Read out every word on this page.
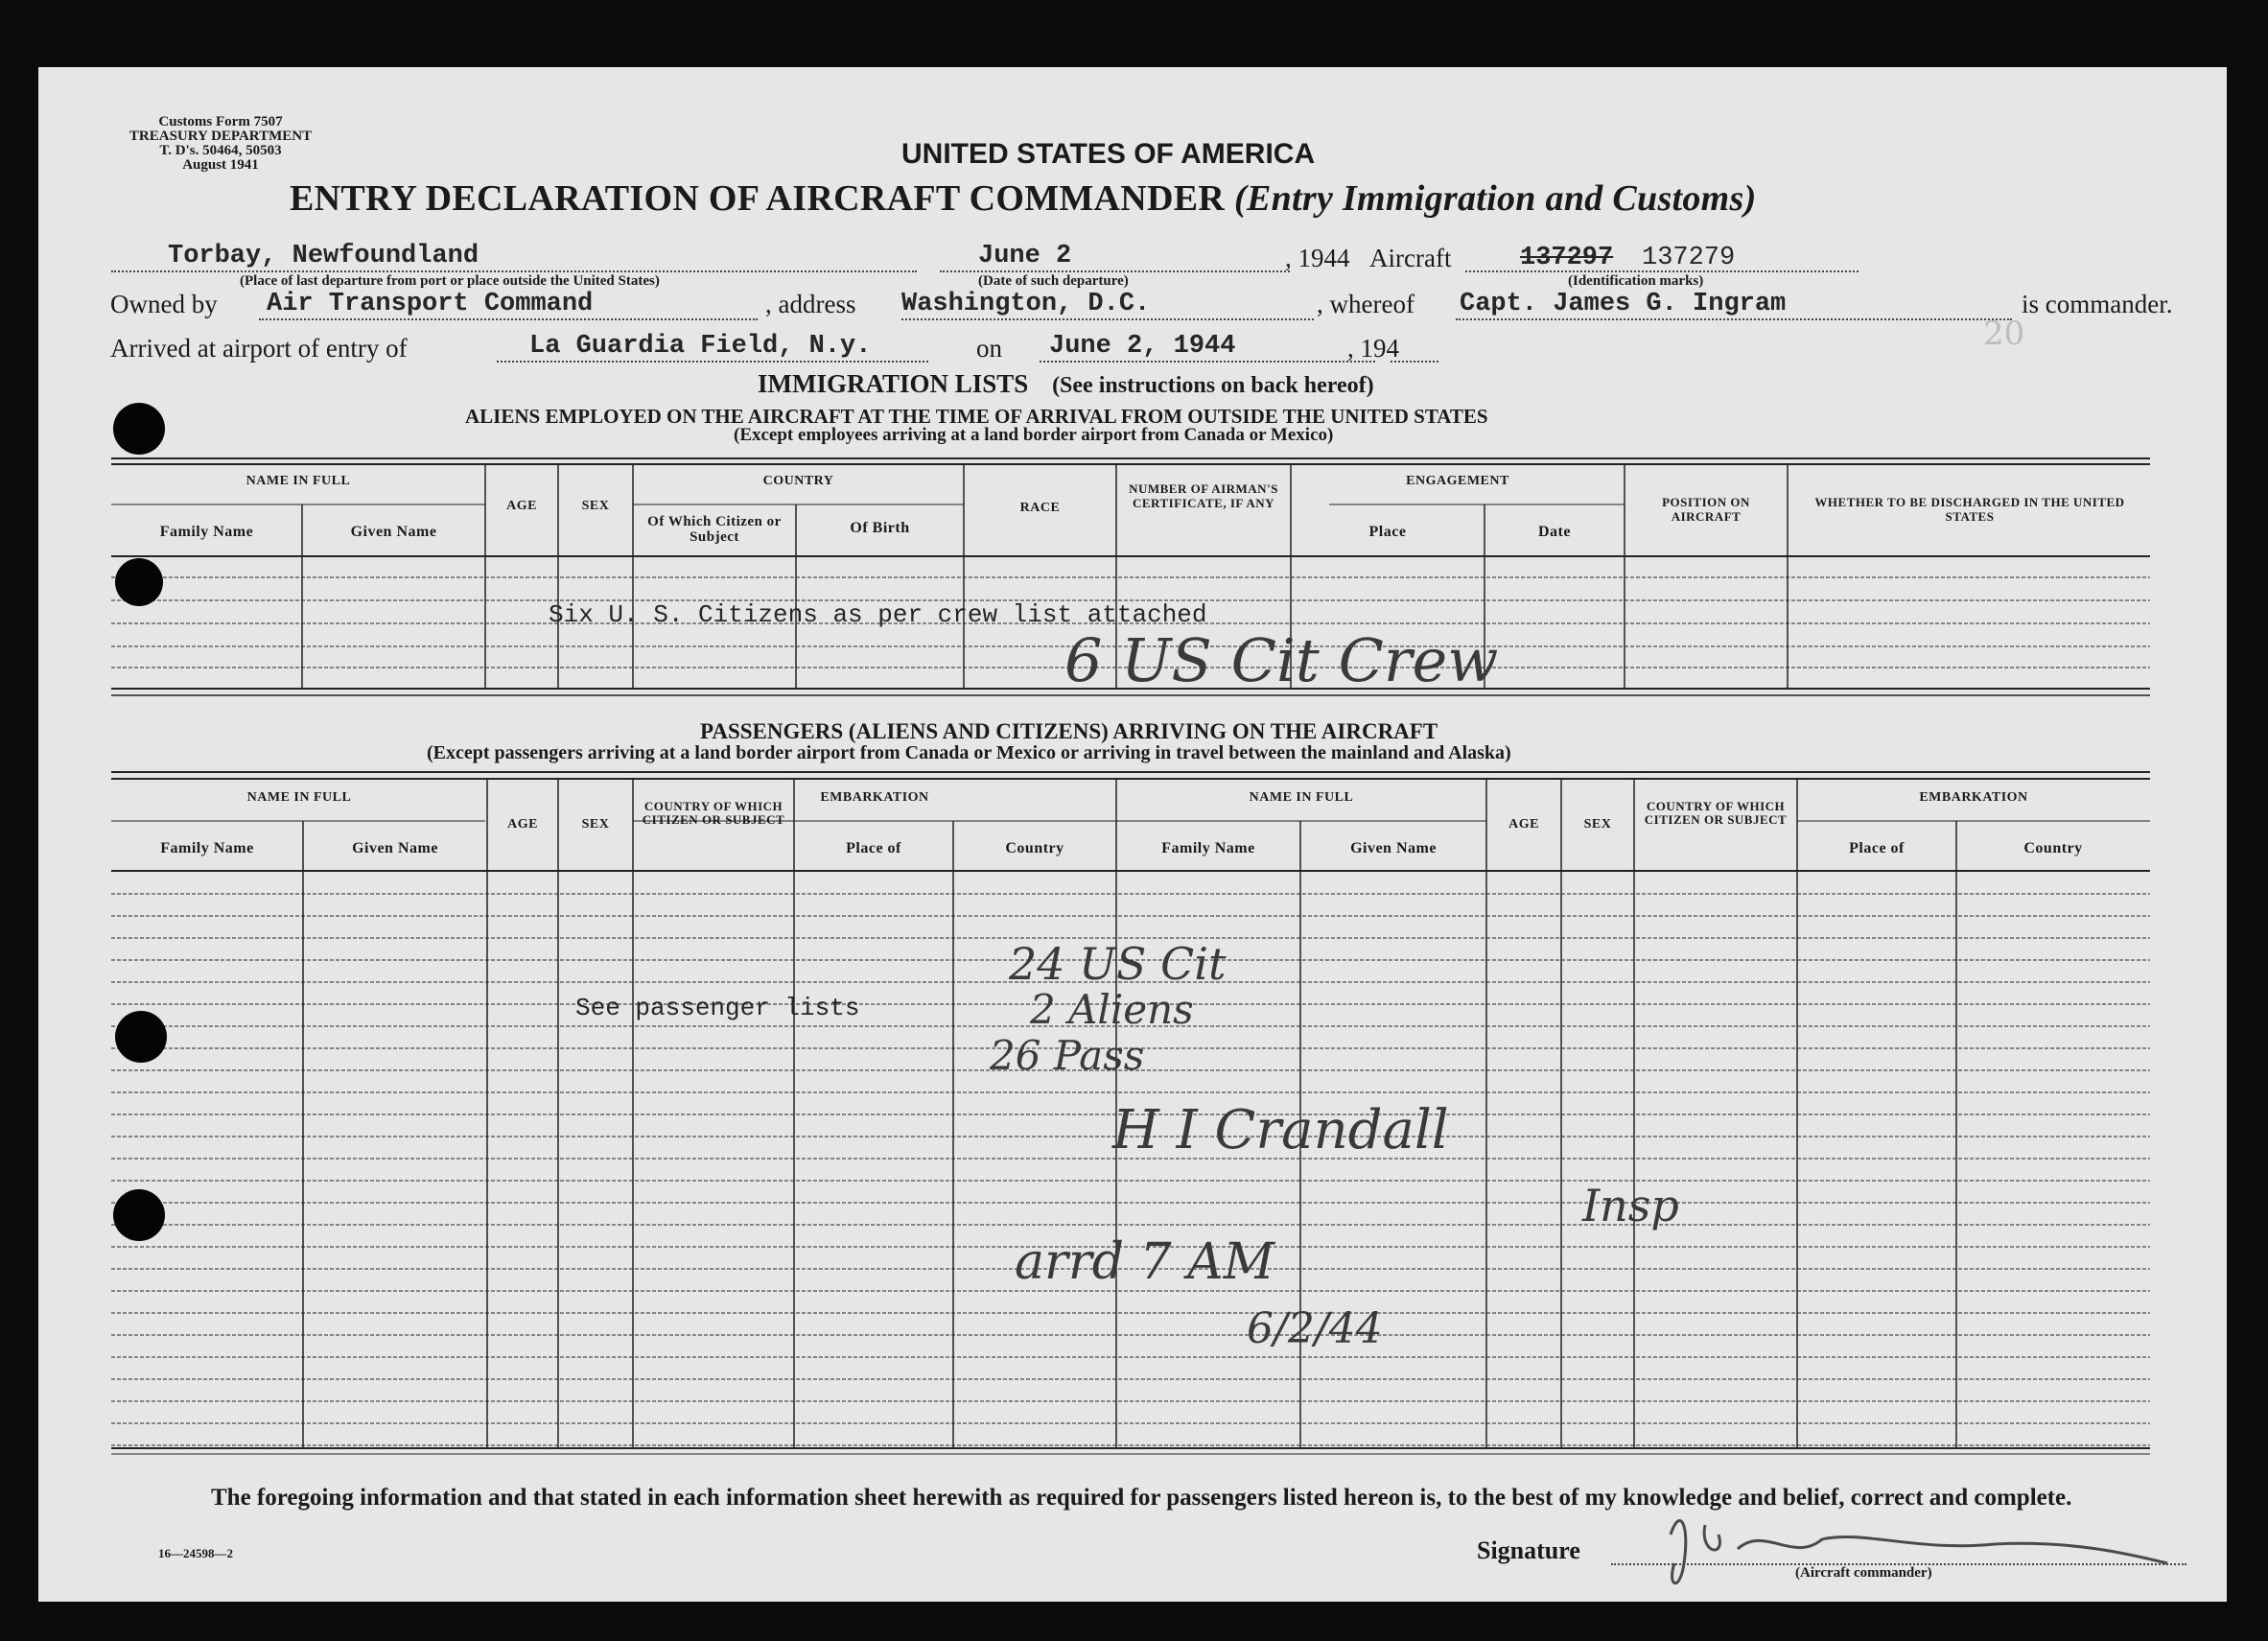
Customs Form 7507
TREASURY DEPARTMENT
T. D's. 50464, 50503
August 1941	UNITED STATES OF AMERICA
ENTRY DECLARATION OF AIRCRAFT COMMANDER (Entry Immigration and Customs)
Torbay, Newfoundland
(Place of last departure from port or place outside the United States)
June 2
(Date of such departure)
, 1944 Aircraft	137297 137279
(Identification marks)
Owned by Air Transport Command	, address Washington, D.C.	, whereof Capt. James G. Ingram	is commander.
Arrived at airport of entry of	La Guardia Field, N.y.	on June 2, 1944	, 194
IMMIGRATION LISTS (See instructions on back hereof)
ALIENS EMPLOYED ON THE AIRCRAFT AT THE TIME OF ARRIVAL FROM OUTSIDE THE UNITED STATES
(Except employees arriving at a land border airport from Canada or Mexico)
NAME IN FULL
Family Name	Given Name
AGE	SEX
COUNTRY
Of Which Citizen or Subject
Of Birth
RACE
NUMBER OF AIRMAN'S CERTIFICATE, IF ANY
ENGAGEMENT
Place	Date
POSITION ON AIRCRAFT
WHETHER TO BE DISCHARGED IN THE UNITED STATES
Six U. S. Citizens as per crew list attached
6 US Cit Crew
PASSENGERS (ALIENS AND CITIZENS) ARRIVING ON THE AIRCRAFT
(Except passengers arriving at a land border airport from Canada or Mexico or arriving in travel between the mainland and Alaska)
NAME IN FULL
Family Name	Given Name
AGE	SEX
COUNTRY OF WHICH CITIZEN OR SUBJECT
EMBARKATION
Place of	Country
NAME IN FULL
Family Name	Given Name
AGE	SEX
COUNTRY OF WHICH CITIZEN OR SUBJECT
EMBARKATION
Place of	Country
See passenger lists
24 US Cit
2 Aliens
26 Pass
H I Crandall
Insp
arrd 7 AM
6/2/44
The foregoing information and that stated in each information sheet herewith as required for passengers listed hereon is, to the best of my knowledge and belief, correct and complete.
16—24598—2	Signature
(Aircraft commander)
20
